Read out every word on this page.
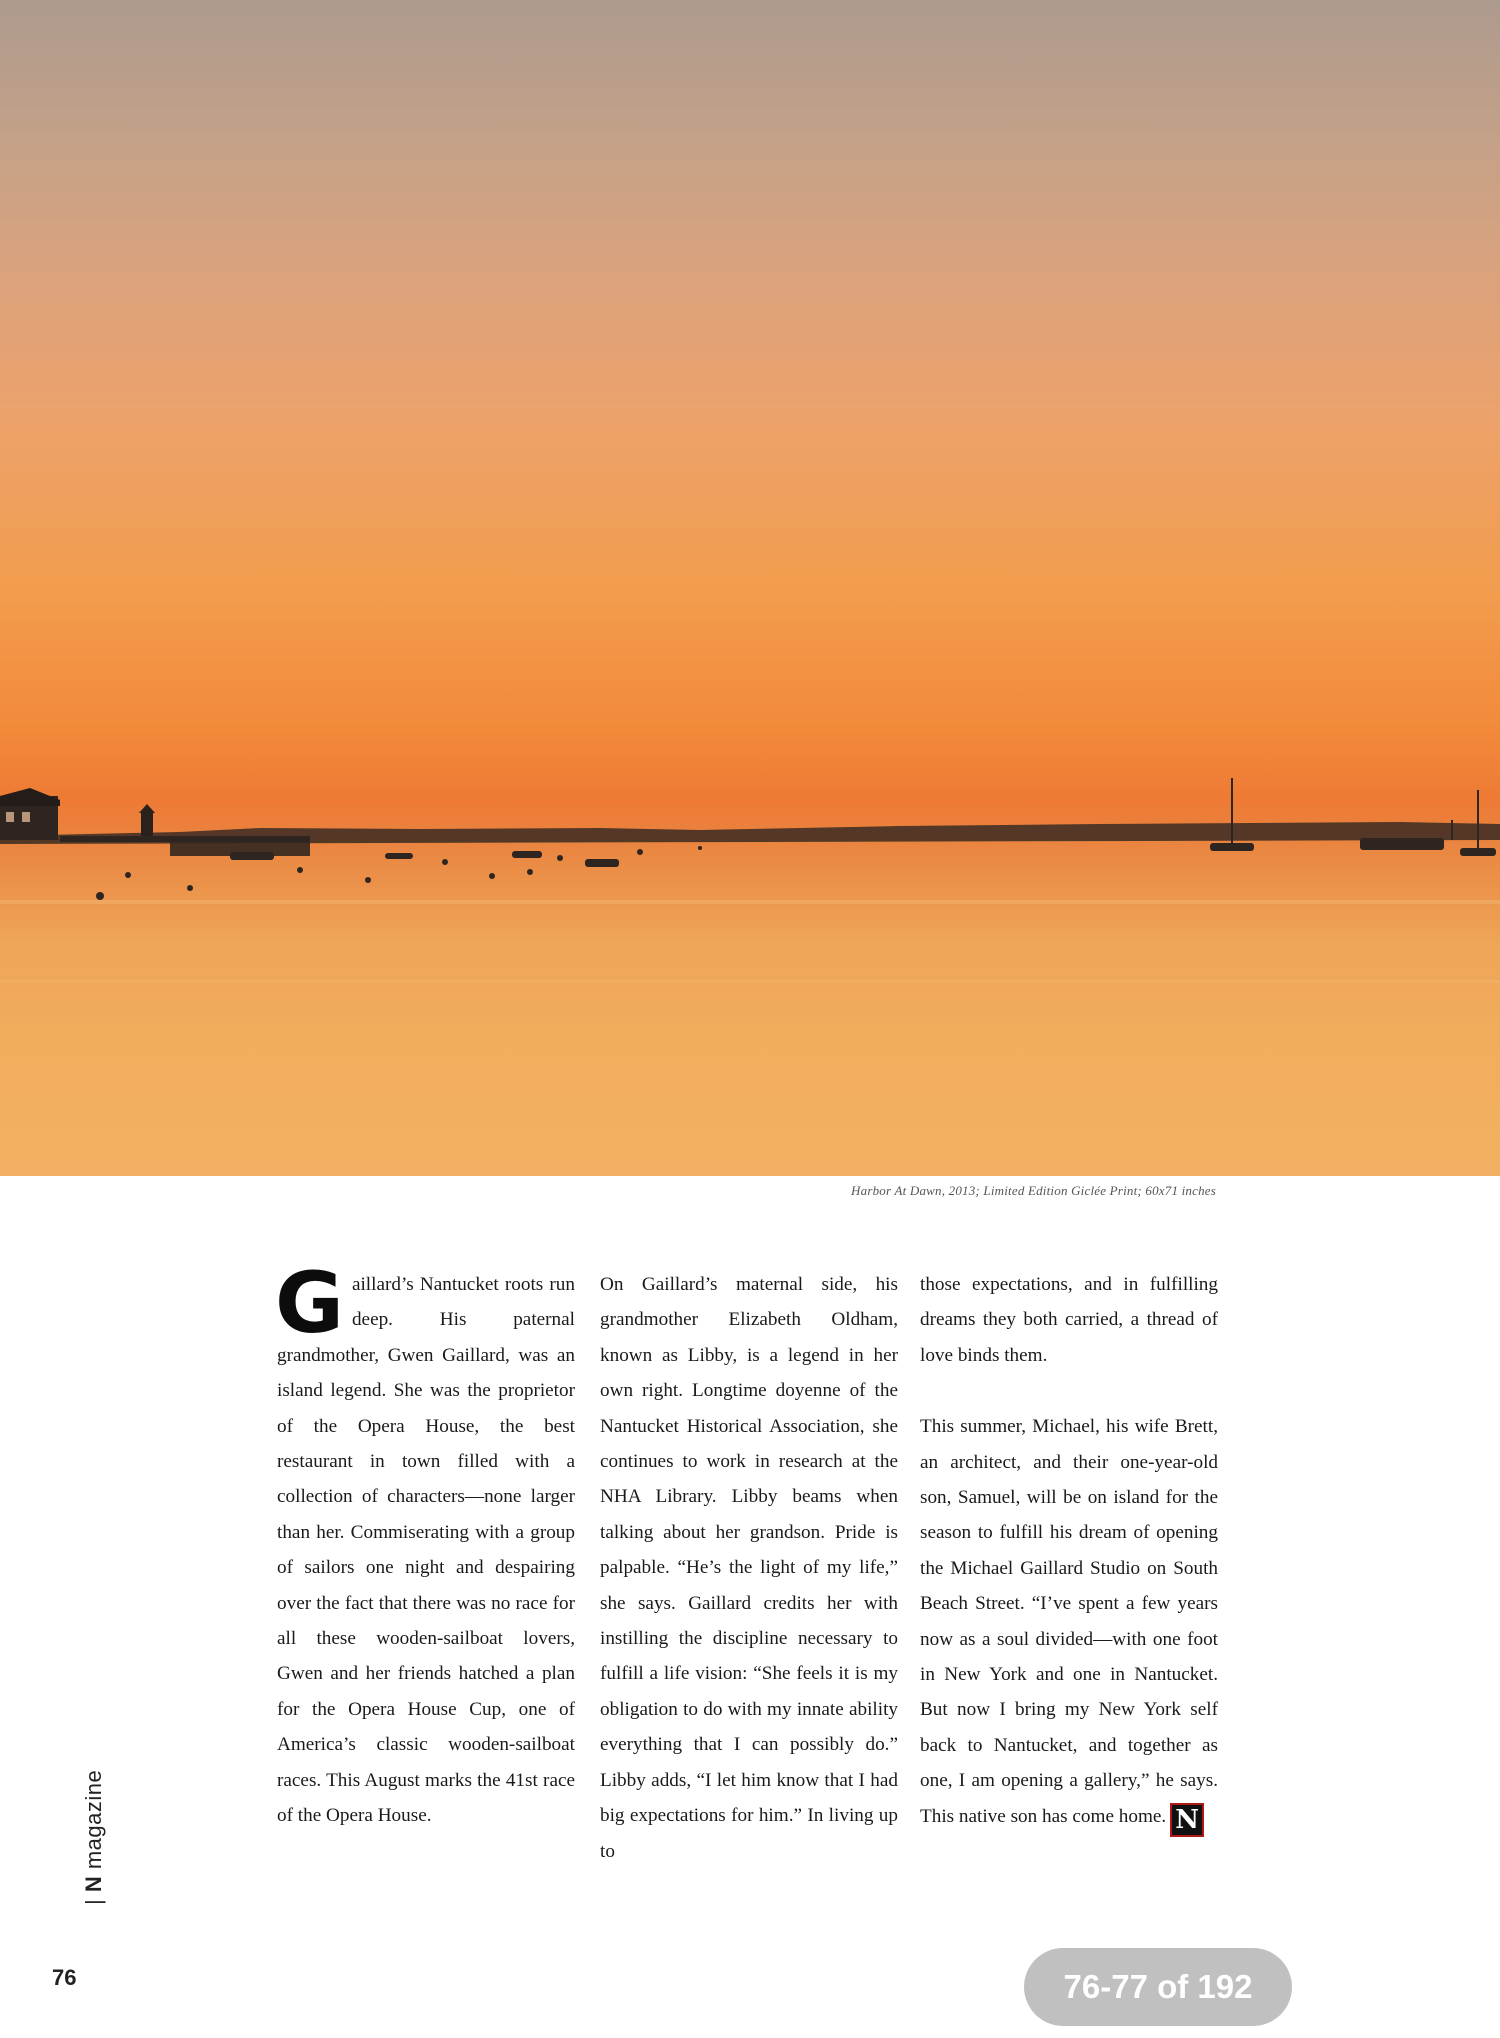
Harbor At Dawn, 2013; Limited Edition Giclée Print; 60x71 inches

Gaillard’s Nantucket roots run deep. His paternal grandmother, Gwen Gaillard, was an island legend. She was the proprietor of the Opera House, the best restaurant in town filled with a collection of characters—none larger than her. Commiserating with a group of sailors one night and despairing over the fact that there was no race for all these wooden-sailboat lovers, Gwen and her friends hatched a plan for the Opera House Cup, one of America’s classic wooden-sailboat races. This August marks the 41st race of the Opera House.

On Gaillard’s maternal side, his grandmother Elizabeth Oldham, known as Libby, is a legend in her own right. Longtime doyenne of the Nantucket Historical Association, she continues to work in research at the NHA Library. Libby beams when talking about her grandson. Pride is palpable. “He’s the light of my life,” she says. Gaillard credits her with instilling the discipline necessary to fulfill a life vision: “She feels it is my obligation to do with my innate ability everything that I can possibly do.” Libby adds, “I let him know that I had big expectations for him.” In living up to

those expectations, and in fulfilling dreams they both carried, a thread of love binds them.

This summer, Michael, his wife Brett, an architect, and their one-year-old son, Samuel, will be on island for the season to fulfill his dream of opening the Michael Gaillard Studio on South Beach Street. “I’ve spent a few years now as a soul divided—with one foot in New York and one in Nantucket. But now I bring my New York self back to Nantucket, and together as one, I am opening a gallery,” he says. This native son has come home. N

| N magazine
76	76-77 of 192
